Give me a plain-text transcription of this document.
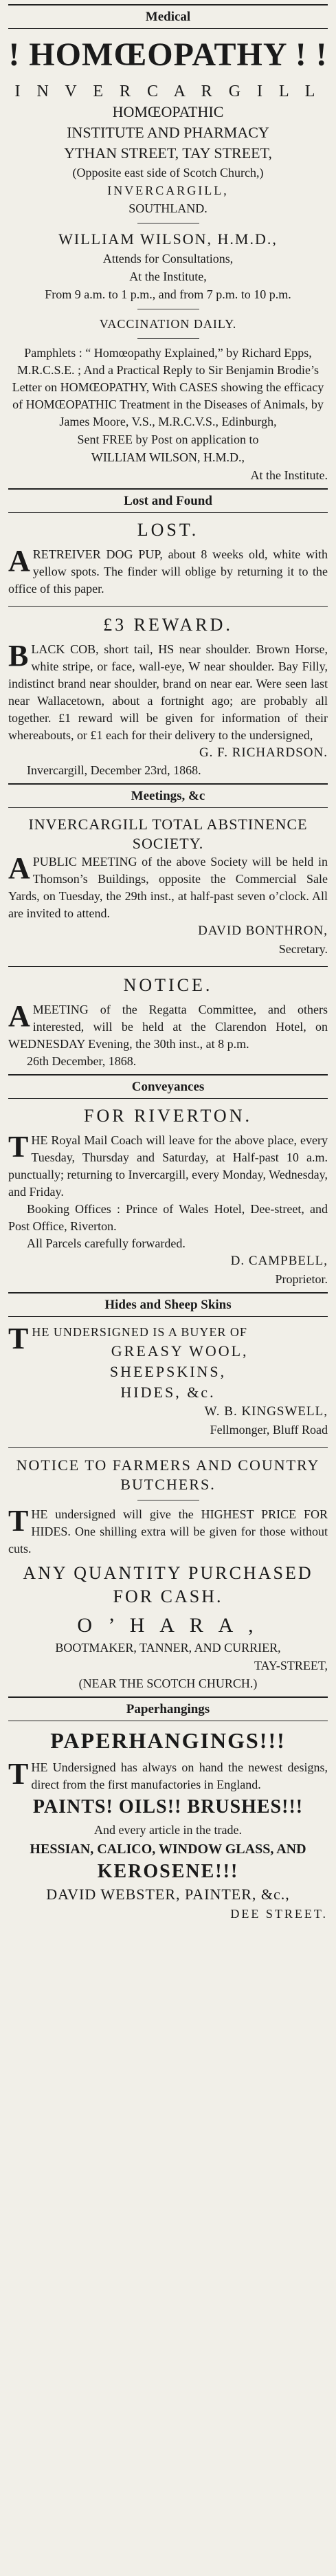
Medical

! HOMŒOPATHY ! !

I N V E R C A R G I L L

HOMŒOPATHIC

INSTITUTE AND PHARMACY

YTHAN STREET, TAY STREET,

(Opposite east side of Scotch Church,)

INVERCARGILL,

SOUTHLAND.

WILLIAM WILSON, H.M.D.,

Attends for Consultations,

At the Institute,

From 9 a.m. to 1 p.m., and from 7 p.m. to 10 p.m.

VACCINATION DAILY.

Pamphlets : “ Homœopathy Explained,” by Richard Epps, M.R.C.S.E. ; And a Practical Reply to Sir Benjamin Brodie’s Letter on HOMŒOPATHY, With CASES showing the efficacy of HOMŒOPATHIC Treatment in the Diseases of Animals, by James Moore, V.S., M.R.C.V.S., Edinburgh,

Sent FREE by Post on application to

WILLIAM WILSON, H.M.D.,

At the Institute.

Lost and Found

LOST.

ARETREIVER DOG PUP, about 8 weeks old, white with yellow spots. The finder will oblige by returning it to the office of this paper.

£3 REWARD.

BLACK COB, short tail, HS near shoulder. Brown Horse, white stripe, or face, wall-eye, W near shoulder. Bay Filly, indistinct brand near shoulder, brand on near ear. Were seen last near Wallacetown, about a fortnight ago; are probably all together. £1 reward will be given for information of their whereabouts, or £1 each for their delivery to the undersigned,

G. F. RICHARDSON.

Invercargill, December 23rd, 1868.

Meetings, &c

INVERCARGILL TOTAL ABSTINENCE SOCIETY.

APUBLIC MEETING of the above Society will be held in Thomson’s Buildings, opposite the Commercial Sale Yards, on Tuesday, the 29th inst., at half-past seven o’clock. All are invited to attend.

DAVID BONTHRON,

Secretary.

NOTICE.

AMEETING of the Regatta Committee, and others interested, will be held at the Clarendon Hotel, on WEDNESDAY Evening, the 30th inst., at 8 p.m.

26th December, 1868.

Conveyances

FOR RIVERTON.

THE Royal Mail Coach will leave for the above place, every Tuesday, Thursday and Saturday, at Half-past 10 a.m. punctually; returning to Invercargill, every Monday, Wednesday, and Friday.

Booking Offices : Prince of Wales Hotel, Dee-street, and Post Office, Riverton.

All Parcels carefully forwarded.

D. CAMPBELL,

Proprietor.

Hides and Sheep Skins

THE UNDERSIGNED IS A BUYER OF

GREASY WOOL,

SHEEPSKINS,

HIDES, &c.

W. B. KINGSWELL,

Fellmonger, Bluff Road

NOTICE TO FARMERS AND COUNTRY BUTCHERS.

THE undersigned will give the HIGHEST PRICE FOR HIDES. One shilling extra will be given for those without cuts.

ANY QUANTITY PURCHASED FOR CASH.

O ’ H A R A ,

BOOTMAKER, TANNER, AND CURRIER,

TAY-STREET,

(NEAR THE SCOTCH CHURCH.)

Paperhangings

PAPERHANGINGS!!!

THE Undersigned has always on hand the newest designs, direct from the first manufactories in England.

PAINTS! OILS!! BRUSHES!!!

And every article in the trade.

HESSIAN, CALICO, WINDOW GLASS, AND

KEROSENE!!!

DAVID WEBSTER, PAINTER, &c.,

DEE STREET.
